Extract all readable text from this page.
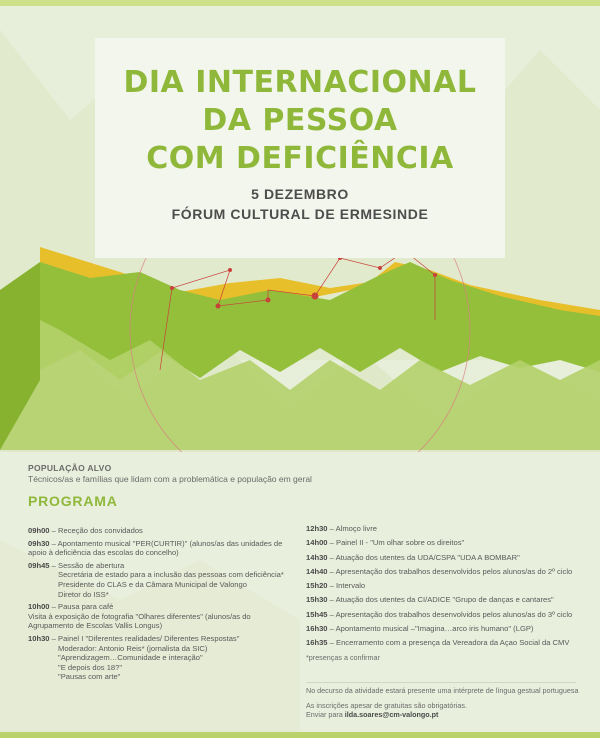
DIA INTERNACIONAL
DA PESSOA
COM DEFICIÊNCIA
5 DEZEMBRO
FÓRUM CULTURAL DE ERMESINDE
POPULAÇÃO ALVO
Técnicos/as e famílias que lidam com a problemática e população em geral
PROGRAMA
09h00 – Receção dos convidados
09h30 – Apontamento musical "PER(CURTIR)" (alunos/as das unidades de
apoio à deficiência das escolas do concelho)
09h45 – Sessão de abertura
Secretária de estado para a inclusão das pessoas com deficiência*
Presidente do CLAS e da Câmara Municipal de Valongo
Diretor do ISS*
10h00 – Pausa para café
Visita à exposição de fotografia "Olhares diferentes" (alunos/as do
Agrupamento de Escolas Vallis Longus)
10h30 – Painel I "Diferentes realidades/ Diferentes Respostas"
Moderador: Antonio Reis* (jornalista da SIC)
"Aprendizagem…Comunidade e interação"
"E depois dos 18?"
"Pausas com arte"
12h30 – Almoço livre
14h00 – Painel II - "Um olhar sobre os direitos"
14h30 – Atuação dos utentes da UDA/CSPA "UDA A BOMBAR"
14h40 – Apresentação dos trabalhos desenvolvidos pelos alunos/as do 2º ciclo
15h20 – Intervalo
15h30 – Atuação dos utentes da CI/ADICE "Grupo de danças e cantares"
15h45 – Apresentação dos trabalhos desenvolvidos pelos alunos/as do 3º ciclo
16h30 – Apontamento musical –"Imagina…arco iris humano" (LGP)
16h35 – Encerramento com a presença da Vereadora da Açao Social da CMV
*presenças a confirmar
No decurso da atividade estará presente uma intérprete de língua gestual portuguesa
As inscrições apesar de gratuitas são obrigatórias.
Enviar para ilda.soares@cm-valongo.pt
